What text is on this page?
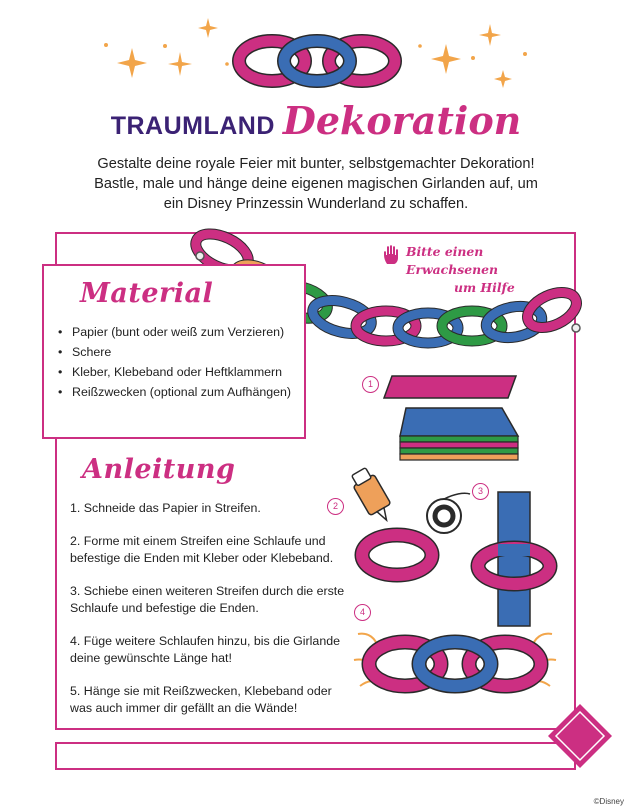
TRAUMLAND Dekoration
Gestalte deine royale Feier mit bunter, selbstgemachter Dekoration! Bastle, male und hänge deine eigenen magischen Girlanden auf, um ein Disney Prinzessin Wunderland zu schaffen.
Bitte einen Erwachsenen
um Hilfe
Material
• Papier (bunt oder weiß zum Verzieren)
• Schere
• Kleber, Klebeband oder Heftklammern
• Reißzwecken (optional zum Aufhängen)
Anleitung

1. Schneide das Papier in Streifen.

2. Forme mit einem Streifen eine Schlaufe und befestige die Enden mit Kleber oder Klebeband.

3. Schiebe einen weiteren Streifen durch die erste Schlaufe und befestige die Enden.

4. Füge weitere Schlaufen hinzu, bis die Girlande deine gewünschte Länge hat!

5. Hänge sie mit Reißzwecken, Klebeband oder was auch immer dir gefällt an die Wände!

1
2
3
4
©Disney
